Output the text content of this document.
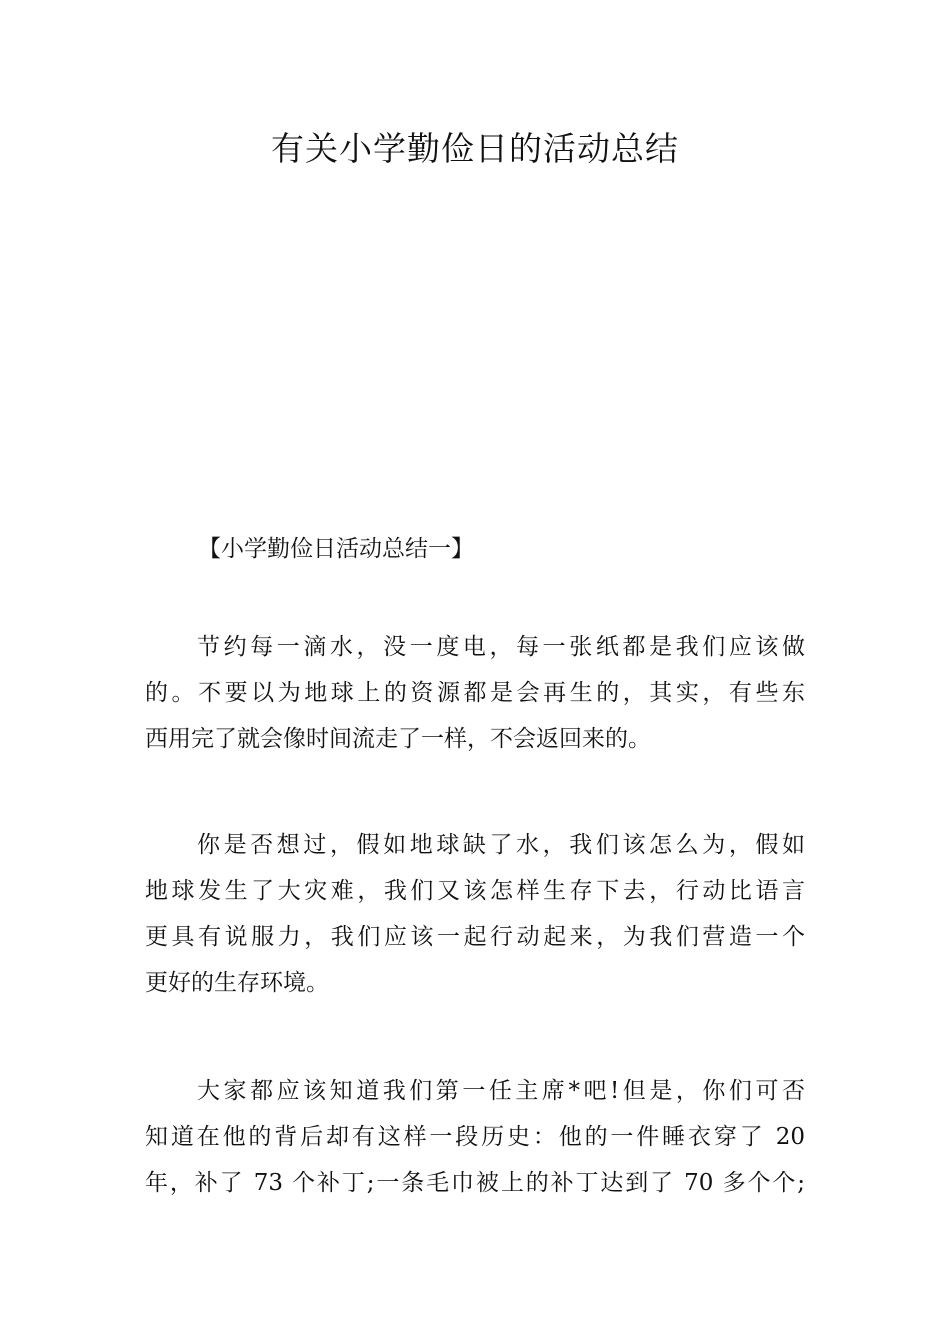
有关小学勤俭日的活动总结
【小学勤俭日活动总结一】

节约每一滴水，没一度电，每一张纸都是我们应该做
的。不要以为地球上的资源都是会再生的，其实，有些东
西用完了就会像时间流走了一样，不会返回来的。

你是否想过，假如地球缺了水，我们该怎么为，假如
地球发生了大灾难，我们又该怎样生存下去，行动比语言
更具有说服力，我们应该一起行动起来，为我们营造一个
更好的生存环境。

大家都应该知道我们第一任主席*吧!但是，你们可否
知道在他的背后却有这样一段历史：他的一件睡衣穿了 20
年，补了 73 个补丁;一条毛巾被上的补丁达到了 70 多个个;
